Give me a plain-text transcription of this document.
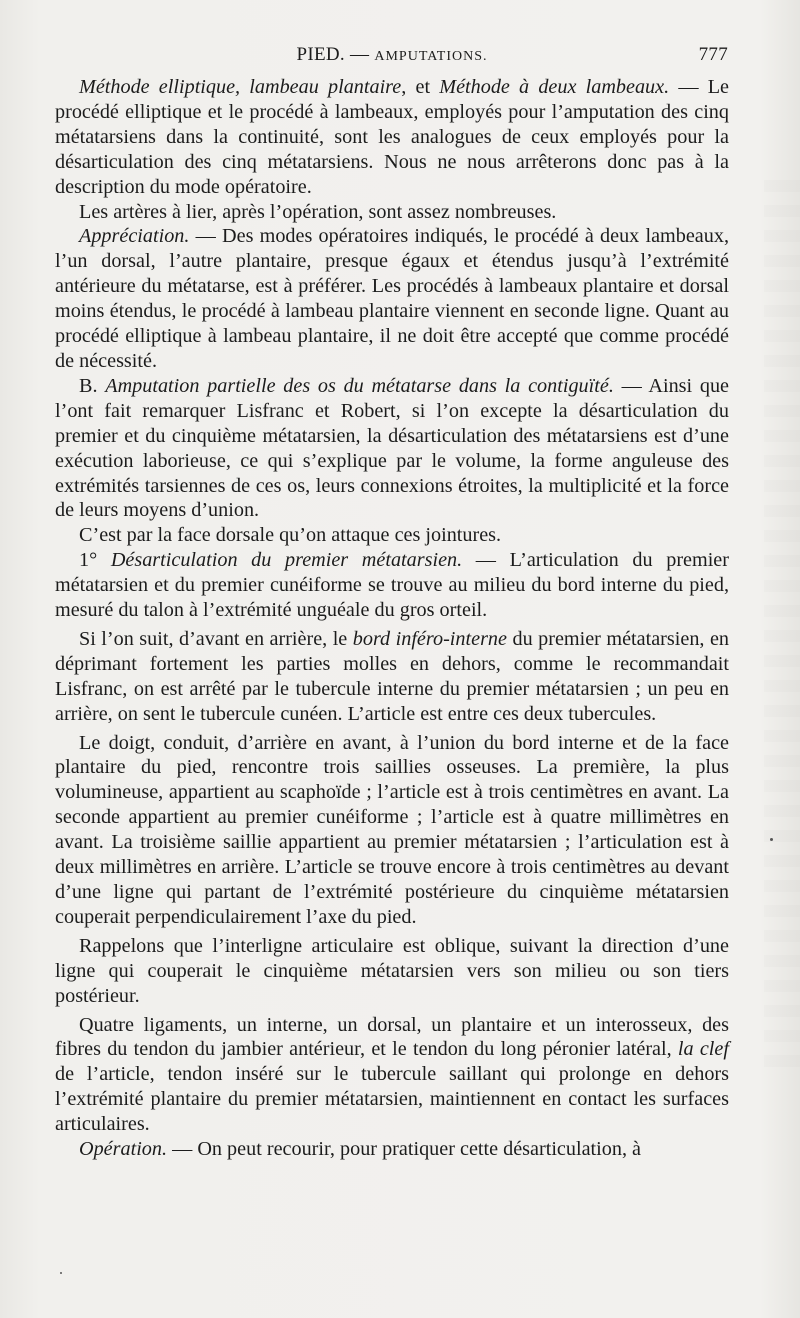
PIED. — AMPUTATIONS.	777

Méthode elliptique, lambeau plantaire, et Méthode à deux lambeaux. — Le procédé elliptique et le procédé à lambeaux, employés pour l’amputation des cinq métatarsiens dans la continuité, sont les analogues de ceux employés pour la désarticulation des cinq métatarsiens. Nous ne nous arrêterons donc pas à la description du mode opératoire.

Les artères à lier, après l’opération, sont assez nombreuses.

Appréciation. — Des modes opératoires indiqués, le procédé à deux lambeaux, l’un dorsal, l’autre plantaire, presque égaux et étendus jusqu’à l’extrémité antérieure du métatarse, est à préférer. Les procédés à lambeaux plantaire et dorsal moins étendus, le procédé à lambeau plantaire viennent en seconde ligne. Quant au procédé elliptique à lambeau plantaire, il ne doit être accepté que comme procédé de nécessité.

B. Amputation partielle des os du métatarse dans la contiguïté. — Ainsi que l’ont fait remarquer Lisfranc et Robert, si l’on excepte la désarticulation du premier et du cinquième métatarsien, la désarticulation des métatarsiens est d’une exécution laborieuse, ce qui s’explique par le volume, la forme anguleuse des extrémités tarsiennes de ces os, leurs connexions étroites, la multiplicité et la force de leurs moyens d’union.

C’est par la face dorsale qu’on attaque ces jointures.

1° Désarticulation du premier métatarsien. — L’articulation du premier métatarsien et du premier cunéiforme se trouve au milieu du bord interne du pied, mesuré du talon à l’extrémité unguéale du gros orteil.

Si l’on suit, d’avant en arrière, le bord inféro-interne du premier métatarsien, en déprimant fortement les parties molles en dehors, comme le recommandait Lisfranc, on est arrêté par le tubercule interne du premier métatarsien ; un peu en arrière, on sent le tubercule cunéen. L’article est entre ces deux tubercules.

Le doigt, conduit, d’arrière en avant, à l’union du bord interne et de la face plantaire du pied, rencontre trois saillies osseuses. La première, la plus volumineuse, appartient au scaphoïde ; l’article est à trois centimètres en avant. La seconde appartient au premier cunéiforme ; l’article est à quatre millimètres en avant. La troisième saillie appartient au premier métatarsien ; l’articulation est à deux millimètres en arrière. L’article se trouve encore à trois centimètres au devant d’une ligne qui partant de l’extrémité postérieure du cinquième métatarsien couperait perpendiculairement l’axe du pied.

Rappelons que l’interligne articulaire est oblique, suivant la direction d’une ligne qui couperait le cinquième métatarsien vers son milieu ou son tiers postérieur.

Quatre ligaments, un interne, un dorsal, un plantaire et un interosseux, des fibres du tendon du jambier antérieur, et le tendon du long péronier latéral, la clef de l’article, tendon inséré sur le tubercule saillant qui prolonge en dehors l’extrémité plantaire du premier métatarsien, maintiennent en contact les surfaces articulaires.

Opération. — On peut recourir, pour pratiquer cette désarticulation, à
